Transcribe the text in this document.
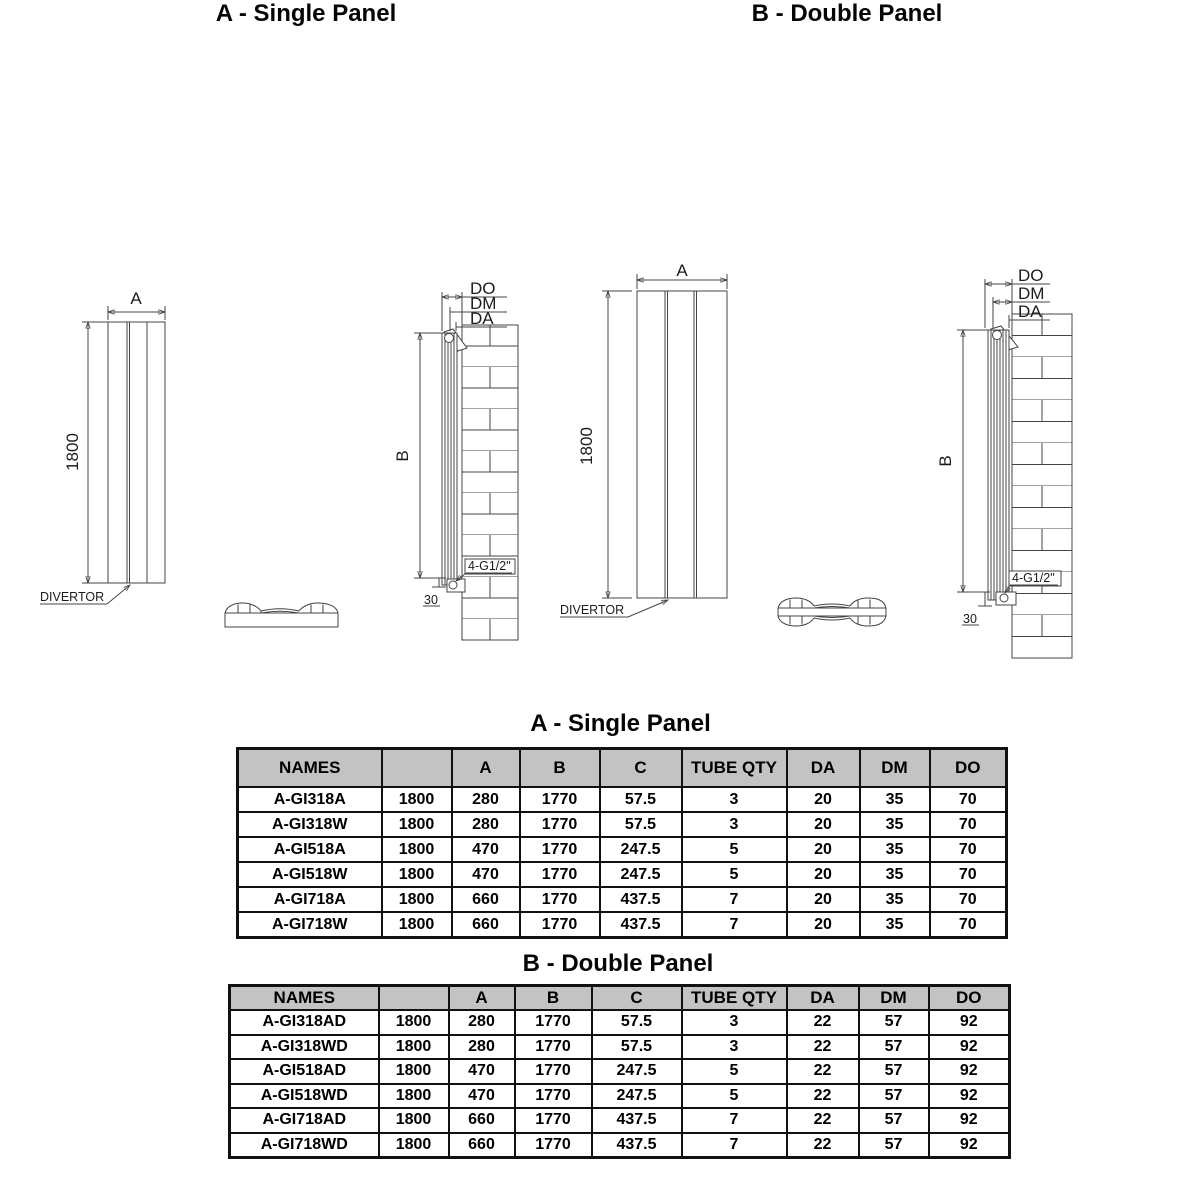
A - Single Panel	B - Double Panel
A
1800
DIVERTOR
B
DO
DM
DA
4-G1/2"
30
A
1800
DIVERTOR
B
DO
DM
DA
4-G1/2"
30
A - Single Panel
NAMES		A	B	C	TUBE QTY	DA	DM	DO
A-GI318A	1800	280	1770	57.5	3	20	35	70
A-GI318W	1800	280	1770	57.5	3	20	35	70
A-GI518A	1800	470	1770	247.5	5	20	35	70
A-GI518W	1800	470	1770	247.5	5	20	35	70
A-GI718A	1800	660	1770	437.5	7	20	35	70
A-GI718W	1800	660	1770	437.5	7	20	35	70
B - Double Panel
NAMES		A	B	C	TUBE QTY	DA	DM	DO
A-GI318AD	1800	280	1770	57.5	3	22	57	92
A-GI318WD	1800	280	1770	57.5	3	22	57	92
A-GI518AD	1800	470	1770	247.5	5	22	57	92
A-GI518WD	1800	470	1770	247.5	5	22	57	92
A-GI718AD	1800	660	1770	437.5	7	22	57	92
A-GI718WD	1800	660	1770	437.5	7	22	57	92
